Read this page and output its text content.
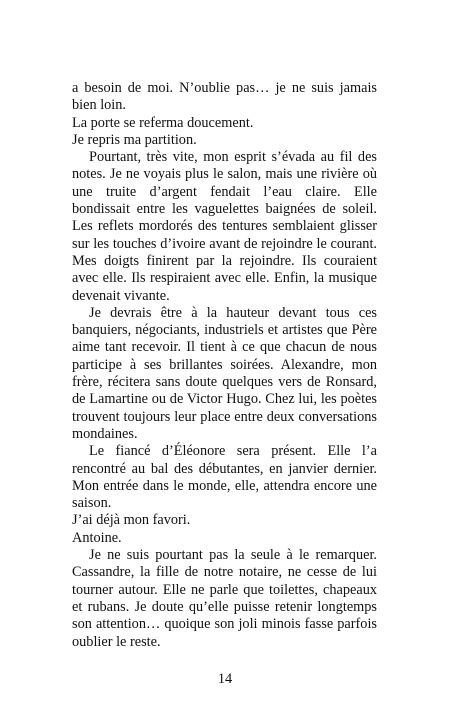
a besoin de moi. N’oublie pas… je ne suis jamais bien loin.

La porte se referma doucement.

Je repris ma partition.

Pourtant, très vite, mon esprit s’évada au fil des notes. Je ne voyais plus le salon, mais une rivière où une truite d’argent fendait l’eau claire. Elle bondissait entre les vaguelettes baignées de soleil. Les reflets mordorés des tentures semblaient glisser sur les touches d’ivoire avant de rejoindre le courant. Mes doigts finirent par la rejoindre. Ils couraient avec elle. Ils respiraient avec elle. Enfin, la musique devenait vivante.

Je devrais être à la hauteur devant tous ces banquiers, négociants, industriels et artistes que Père aime tant recevoir. Il tient à ce que chacun de nous participe à ses brillantes soirées. Alexandre, mon frère, récitera sans doute quelques vers de Ronsard, de Lamartine ou de Victor Hugo. Chez lui, les poètes trouvent toujours leur place entre deux conversations mondaines.

Le fiancé d’Éléonore sera présent. Elle l’a rencontré au bal des débutantes, en janvier dernier. Mon entrée dans le monde, elle, attendra encore une saison.

J’ai déjà mon favori.

Antoine.

Je ne suis pourtant pas la seule à le remarquer. Cassandre, la fille de notre notaire, ne cesse de lui tourner autour. Elle ne parle que toilettes, chapeaux et rubans. Je doute qu’elle puisse retenir longtemps son attention… quoique son joli minois fasse parfois oublier le reste.

14
